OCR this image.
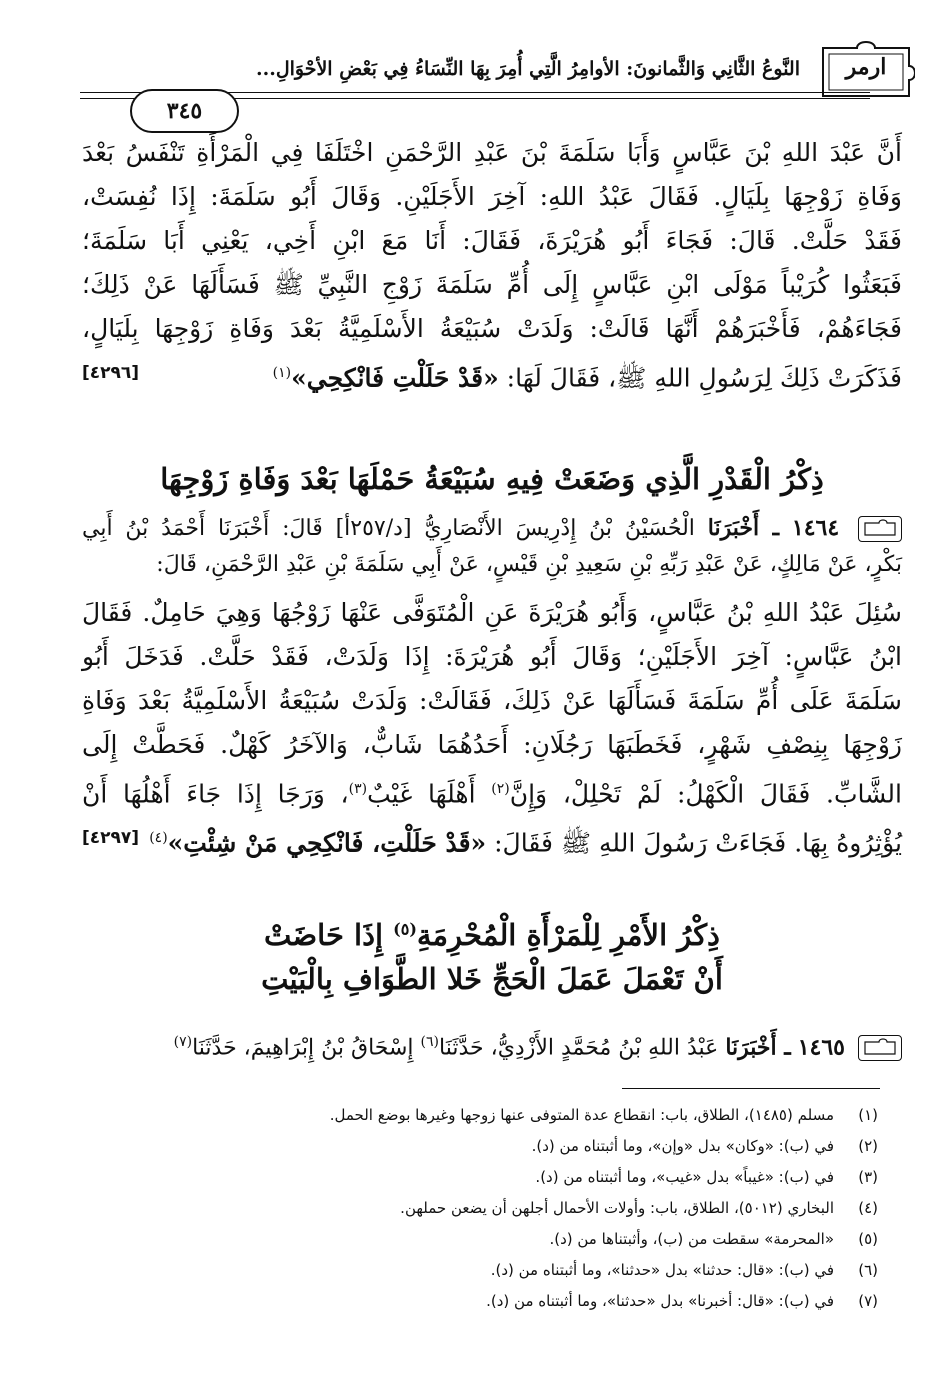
٣٤٥
النَّوعُ الثَّانِي وَالثَّمانونَ: الأوامِرُ الَّتِي أُمِرَ بِهَا النِّسَاءُ فِي بَعْضِ الأحْوَالِ...	ارمر
أَنَّ عَبْدَ اللهِ بْنَ عَبَّاسٍ وَأَبَا سَلَمَةَ بْنَ عَبْدِ الرَّحْمَنِ اخْتَلَفَا فِي الْمَرْأَةِ تَنْفَسُ بَعْدَ
وَفَاةِ زَوْجِهَا بِلَيَالٍ. فَقَالَ عَبْدُ اللهِ: آخِرَ الأَجَلَيْنِ. وَقَالَ أَبُو سَلَمَةَ: إِذَا نُفِسَتْ،
فَقَدْ حَلَّتْ. قَالَ: فَجَاءَ أَبُو هُرَيْرَةَ، فَقَالَ: أَنَا مَعَ ابْنِ أَخِي، يَعْنِي أَبَا سَلَمَةَ؛
فَبَعَثُوا كُرَيْباً مَوْلَى ابْنِ عَبَّاسٍ إِلَى أُمِّ سَلَمَةَ زَوْجِ النَّبِيِّ ﷺ فَسَأَلَهَا عَنْ ذَلِكَ؛
فَجَاءَهُمْ، فَأَخْبَرَهُمْ أَنَّهَا قَالَتْ: وَلَدَتْ سُبَيْعَةُ الأَسْلَمِيَّةُ بَعْدَ وَفَاةِ زَوْجِهَا بِلَيَالٍ،
فَذَكَرَتْ ذَلِكَ لِرَسُولِ اللهِ ﷺ، فَقَالَ لَهَا: «قَدْ حَلَلْتِ فَانْكِحِي»$^{(١)}$
[٤٢٩٦]
ذِكْرُ الْقَدْرِ الَّذِي وَضَعَتْ فِيهِ سُبَيْعَةُ حَمْلَهَا بَعْدَ وَفَاةِ زَوْجِهَا
١٤٦٤ ـ أَخْبَرَنَا الْحُسَيْنُ بْنُ إِدْرِيسَ الأَنْصَارِيُّ [د/٢٥٧أ] قَالَ: أَخْبَرَنَا أَحْمَدُ بْنُ أَبِي
بَكْرٍ، عَنْ مَالِكٍ، عَنْ عَبْدِ رَبِّهِ بْنِ سَعِيدِ بْنِ قَيْسٍ، عَنْ أَبِي سَلَمَةَ بْنِ عَبْدِ الرَّحْمَنِ، قَالَ:
سُئِلَ عَبْدُ اللهِ بْنُ عَبَّاسٍ، وَأَبُو هُرَيْرَةَ عَنِ الْمُتَوَفَّى عَنْهَا زَوْجُهَا وَهِيَ حَامِلٌ. فَقَالَ
ابْنُ عَبَّاسٍ: آخِرَ الأَجَلَيْنِ؛ وَقَالَ أَبُو هُرَيْرَةَ: إِذَا وَلَدَتْ، فَقَدْ حَلَّتْ. فَدَخَلَ أَبُو
سَلَمَةَ عَلَى أُمِّ سَلَمَةَ فَسَأَلَهَا عَنْ ذَلِكَ، فَقَالَتْ: وَلَدَتْ سُبَيْعَةُ الأَسْلَمِيَّةُ بَعْدَ وَفَاةِ
زَوْجِهَا بِنِصْفِ شَهْرٍ، فَخَطَبَهَا رَجُلَانِ: أَحَدُهُمَا شَابٌّ، وَالآخَرُ كَهْلٌ. فَحَطَّتْ إِلَى
الشَّابِّ. فَقَالَ الْكَهْلُ: لَمْ تَحْلِلْ، وَإِنَّ$^{(٢)}$ أَهْلَهَا غَيْبٌ$^{(٣)}$، وَرَجَا إِذَا جَاءَ أَهْلُهَا أَنْ
يُؤْثِرُوهُ بِهَا. فَجَاءَتْ رَسُولَ اللهِ ﷺ فَقَالَ: «قَدْ حَلَلْتِ، فَانْكِحِي مَنْ شِئْتِ»$^{(٤)}$
[٤٢٩٧]
ذِكْرُ الأَمْرِ لِلْمَرْأَةِ الْمُحْرِمَةِ$^{(٥)}$ إِذَا حَاضَتْ
أَنْ تَعْمَلَ عَمَلَ الْحَجِّ خَلا الطَّوَافِ بِالْبَيْتِ
١٤٦٥ ـ أَخْبَرَنَا عَبْدُ اللهِ بْنُ مُحَمَّدٍ الأَزْدِيُّ، حَدَّثَنَا$^{(٦)}$ إِسْحَاقُ بْنُ إِبْرَاهِيمَ، حَدَّثَنَا$^{(٧)}$
(١)
مسلم (١٤٨٥)، الطلاق، باب: انقطاع عدة المتوفى عنها زوجها وغيرها بوضع الحمل.
(٢)
في (ب): «وكان» بدل «وإن»، وما أثبتناه من (د).
(٣)
في (ب): «غيباً» بدل «غيب»، وما أثبتناه من (د).
(٤)
البخاري (٥٠١٢)، الطلاق، باب: وأولات الأحمال أجلهن أن يضعن حملهن.
(٥)
«المحرمة» سقطت من (ب)، وأثبتناها من (د).
(٦)
في (ب): «قال: حدثنا» بدل «حدثنا»، وما أثبتناه من (د).
(٧)
في (ب): «قال: أخبرنا» بدل «حدثنا»، وما أثبتناه من (د).
